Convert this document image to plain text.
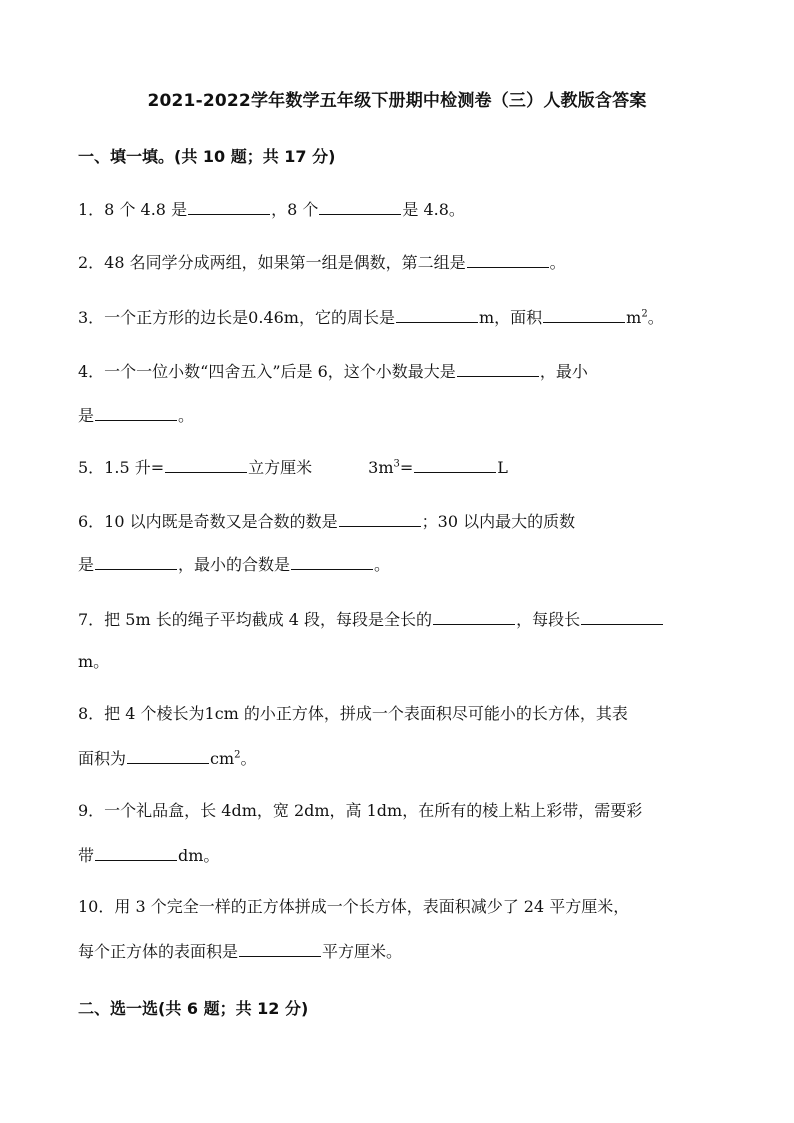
2021-2022学年数学五年级下册期中检测卷（三）人教版含答案
一、填一填。(共 10 题；共 17 分)
1．8 个 4.8 是	，8 个	是 4.8。
2．48 名同学分成两组，如果第一组是偶数，第二组是	。
3．一个正方形的边长是0.46m，它的周长是	m，面积	$m^2$。
4．一个一位小数“四舍五入”后是 6，这个小数最大是	，最小
是	。
5．1.5 升=	立方厘米	$3m^3=$	L
6．10 以内既是奇数又是合数的数是	；30 以内最大的质数
是	，最小的合数是	。
7．把 5m 长的绳子平均截成 4 段，每段是全长的	，每段长
m。
8．把 4 个棱长为1cm 的小正方体，拼成一个表面积尽可能小的长方体，其表
面积为	$cm^2$。
9．一个礼品盒，长 4dm，宽 2dm，高 1dm，在所有的棱上粘上彩带，需要彩
带	dm。
10．用 3 个完全一样的正方体拼成一个长方体，表面积减少了 24 平方厘米，
每个正方体的表面积是	平方厘米。
二、选一选(共 6 题；共 12 分)
